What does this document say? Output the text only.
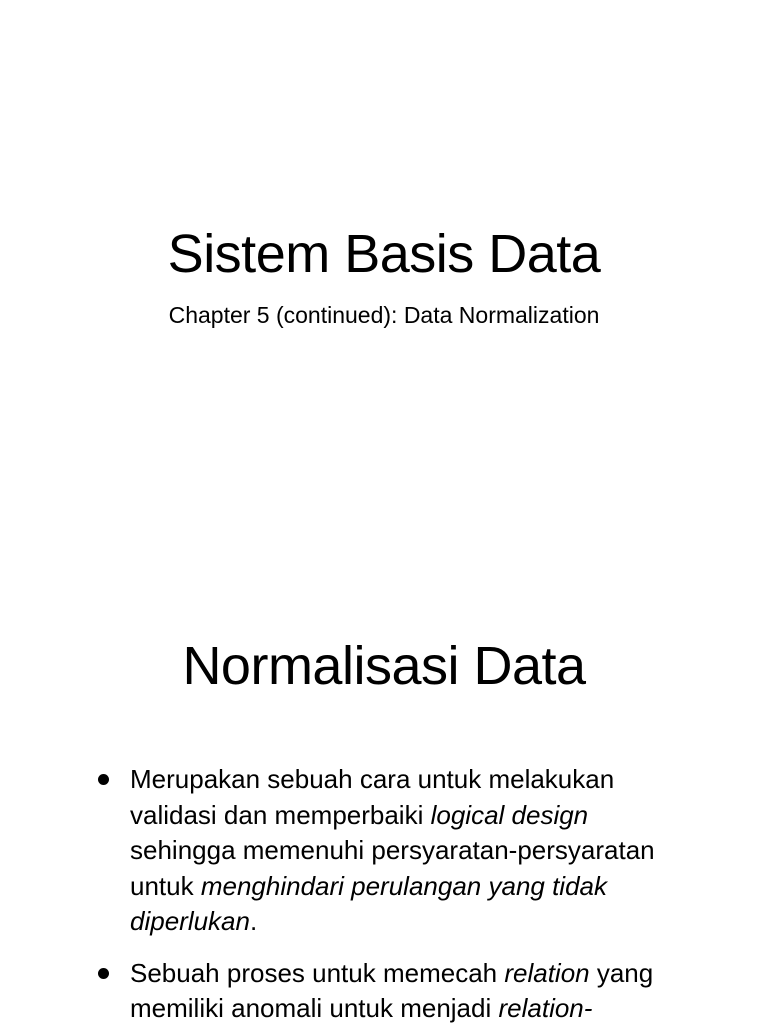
Sistem Basis Data

Chapter 5 (continued): Data Normalization

Normalisasi Data
Merupakan sebuah cara untuk melakukan validasi dan memperbaiki logical design sehingga memenuhi persyaratan-persyaratan untuk menghindari perulangan yang tidak diperlukan.
Sebuah proses untuk memecah relation yang memiliki anomali untuk menjadi relation-
